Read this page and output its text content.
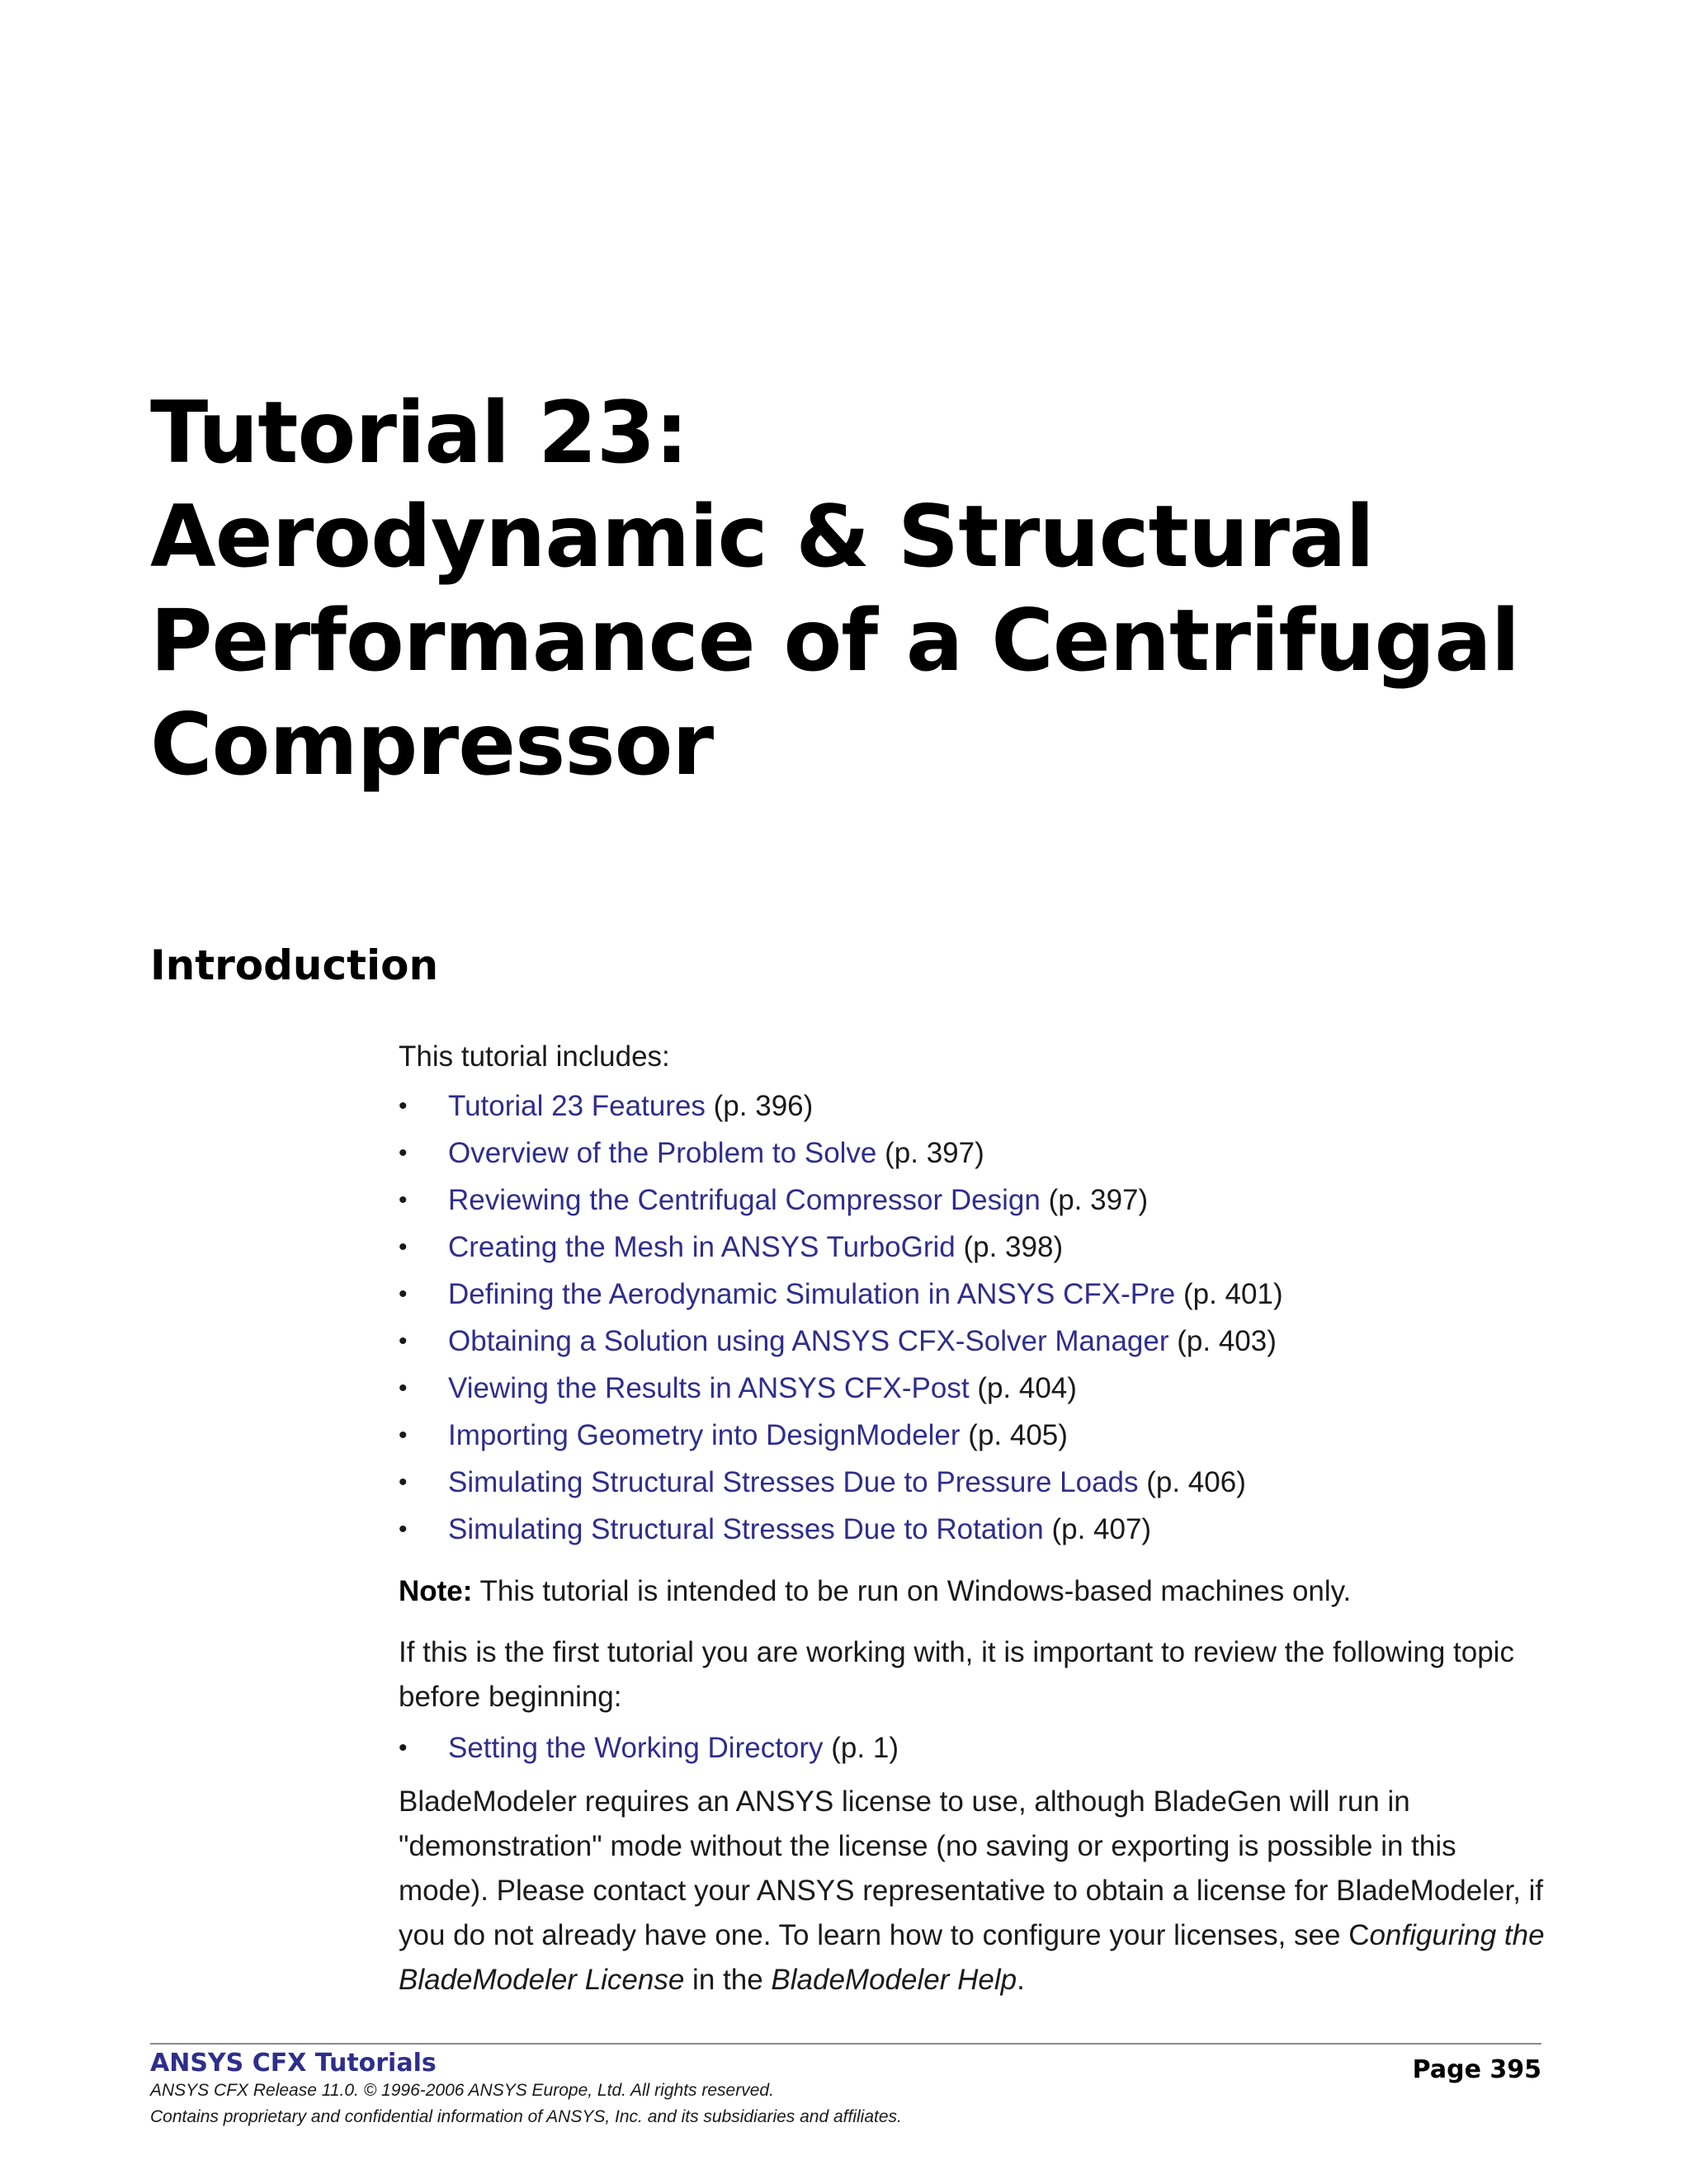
Tutorial 23:
Aerodynamic & Structural
Performance of a Centrifugal
Compressor
Introduction

This tutorial includes:

• Tutorial 23 Features (p. 396)
• Overview of the Problem to Solve (p. 397)
• Reviewing the Centrifugal Compressor Design (p. 397)
• Creating the Mesh in ANSYS TurboGrid (p. 398)
• Defining the Aerodynamic Simulation in ANSYS CFX-Pre (p. 401)
• Obtaining a Solution using ANSYS CFX-Solver Manager (p. 403)
• Viewing the Results in ANSYS CFX-Post (p. 404)
• Importing Geometry into DesignModeler (p. 405)
• Simulating Structural Stresses Due to Pressure Loads (p. 406)
• Simulating Structural Stresses Due to Rotation (p. 407)

Note: This tutorial is intended to be run on Windows-based machines only.

If this is the first tutorial you are working with, it is important to review the following topic before beginning:

• Setting the Working Directory (p. 1)

BladeModeler requires an ANSYS license to use, although BladeGen will run in "demonstration" mode without the license (no saving or exporting is possible in this mode). Please contact your ANSYS representative to obtain a license for BladeModeler, if you do not already have one. To learn how to configure your licenses, see Configuring the BladeModeler License in the BladeModeler Help.

ANSYS CFX Tutorials
ANSYS CFX Release 11.0. © 1996-2006 ANSYS Europe, Ltd. All rights reserved.
Contains proprietary and confidential information of ANSYS, Inc. and its subsidiaries and affiliates.
Page 395
